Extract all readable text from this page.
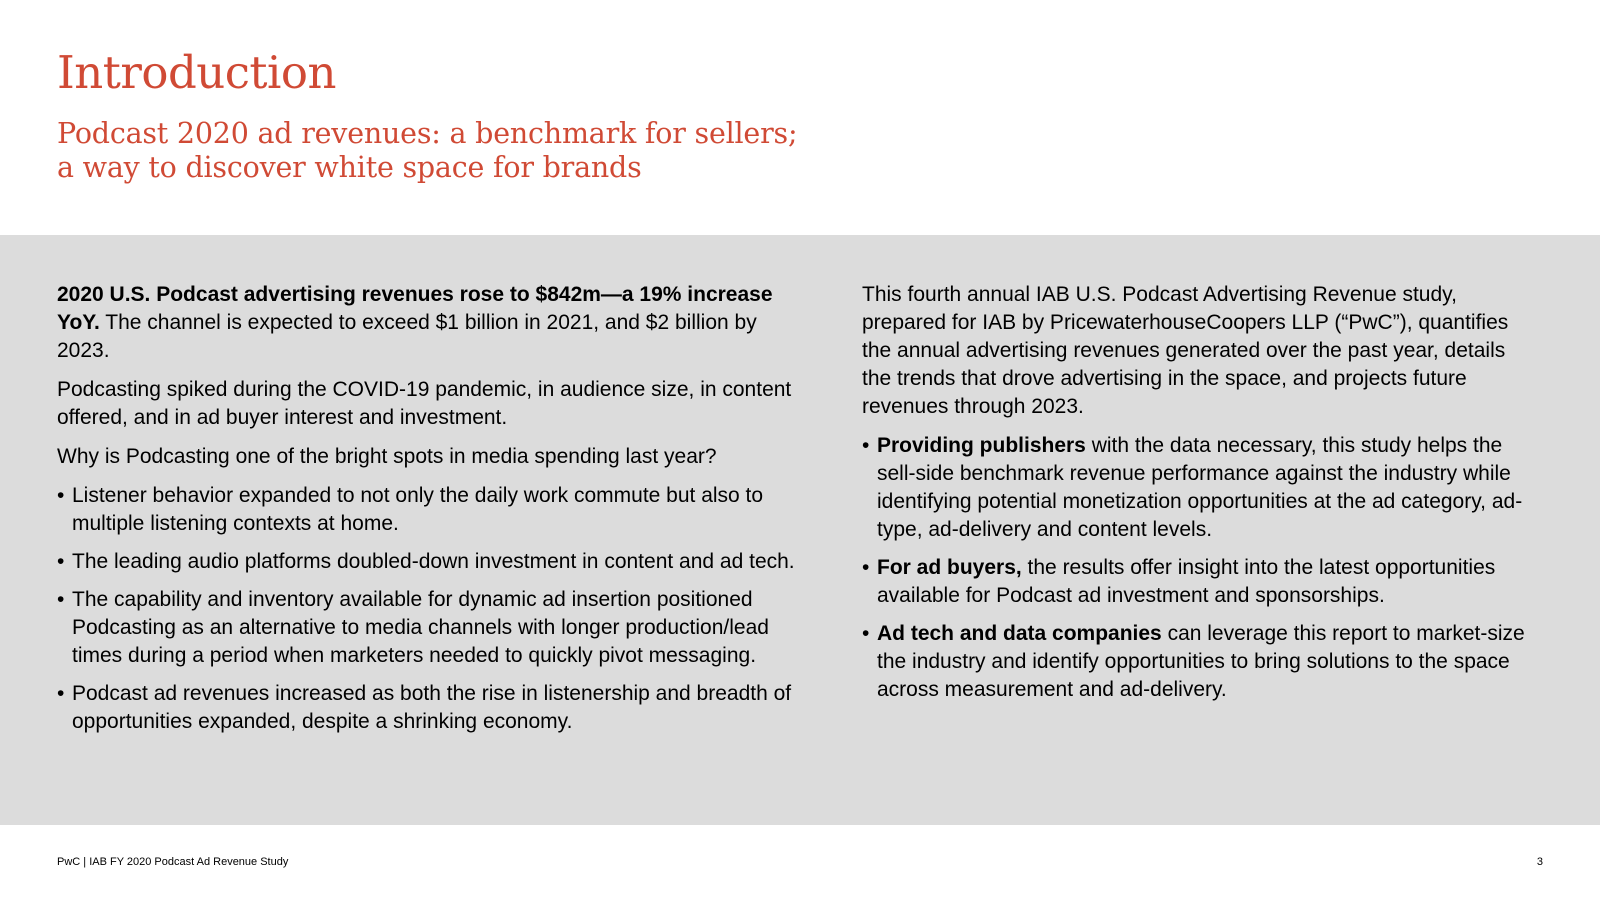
Introduction
Podcast 2020 ad revenues: a benchmark for sellers;
a way to discover white space for brands

2020 U.S. Podcast advertising revenues rose to $842m—a 19% increase YoY. The channel is expected to exceed $1 billion in 2021, and $2 billion by 2023.

Podcasting spiked during the COVID-19 pandemic, in audience size, in content offered, and in ad buyer interest and investment.

Why is Podcasting one of the bright spots in media spending last year?

• Listener behavior expanded to not only the daily work commute but also to multiple listening contexts at home.
• The leading audio platforms doubled-down investment in content and ad tech.
• The capability and inventory available for dynamic ad insertion positioned Podcasting as an alternative to media channels with longer production/lead times during a period when marketers needed to quickly pivot messaging.
• Podcast ad revenues increased as both the rise in listenership and breadth of opportunities expanded, despite a shrinking economy.

This fourth annual IAB U.S. Podcast Advertising Revenue study, prepared for IAB by PricewaterhouseCoopers LLP (“PwC”), quantifies the annual advertising revenues generated over the past year, details the trends that drove advertising in the space, and projects future revenues through 2023.

• Providing publishers with the data necessary, this study helps the sell-side benchmark revenue performance against the industry while identifying potential monetization opportunities at the ad category, ad-type, ad-delivery and content levels.
• For ad buyers, the results offer insight into the latest opportunities available for Podcast ad investment and sponsorships.
• Ad tech and data companies can leverage this report to market-size the industry and identify opportunities to bring solutions to the space across measurement and ad-delivery.
PwC | IAB FY 2020 Podcast Ad Revenue Study	3
